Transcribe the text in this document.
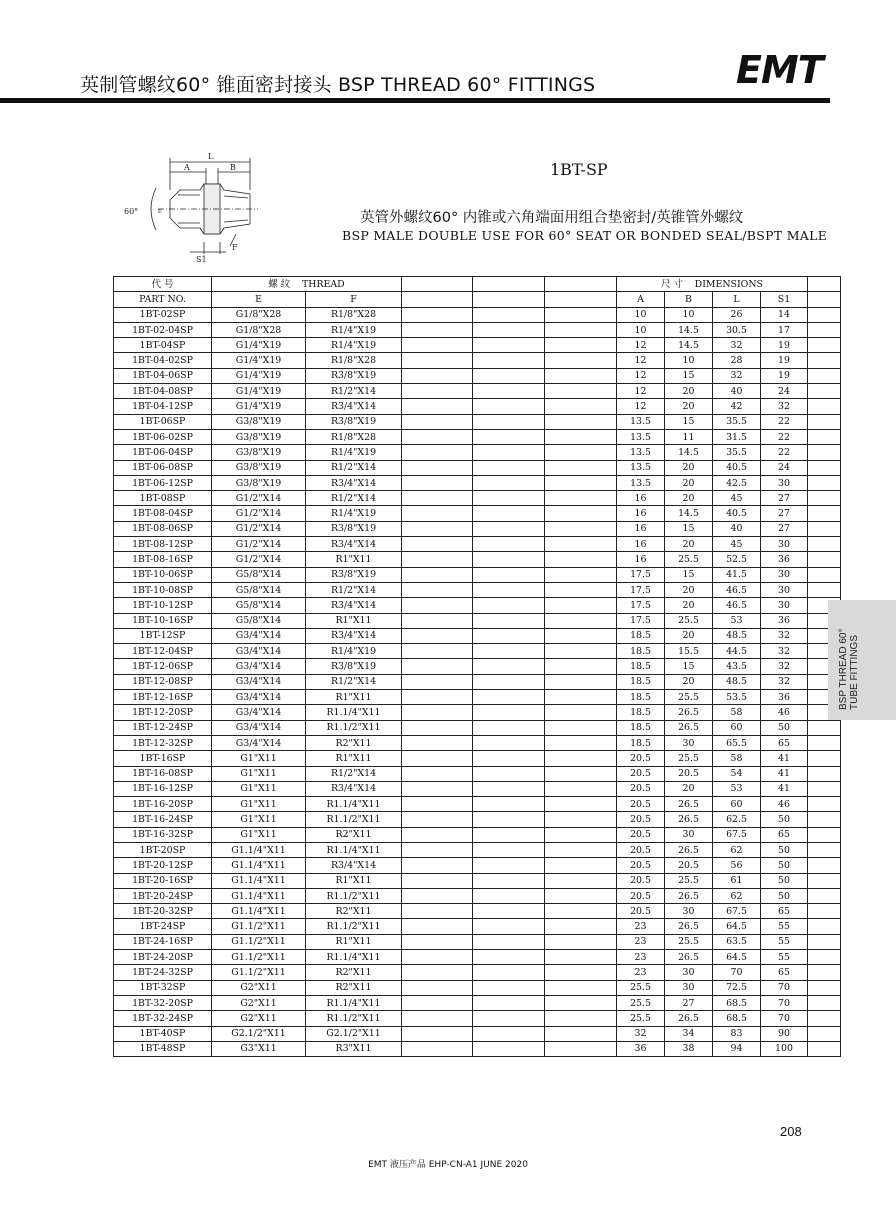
英制管螺纹60° 锥面密封接头 BSP THREAD 60° FITTINGS	EMT
L
A	B
60°	E
F
S1
1BT-SP
英管外螺纹60° 内锥或六角端面用组合垫密封/英锥管外螺纹
BSP MALE DOUBLE USE FOR 60° SEAT OR BONDED SEAL/BSPT MALE
代 号	螺 纹 THREAD					尺 寸 DIMENSIONS				
PART NO.	E	F				A	B	L	S1	
1BT-02SP	G1/8"X28	R1/8"X28				10	10	26	14	
1BT-02-04SP	G1/8"X28	R1/4"X19				10	14.5	30.5	17	
1BT-04SP	G1/4"X19	R1/4"X19				12	14.5	32	19	
1BT-04-02SP	G1/4"X19	R1/8"X28				12	10	28	19	
1BT-04-06SP	G1/4"X19	R3/8"X19				12	15	32	19	
1BT-04-08SP	G1/4"X19	R1/2"X14				12	20	40	24	
1BT-04-12SP	G1/4"X19	R3/4"X14				12	20	42	32	
1BT-06SP	G3/8"X19	R3/8"X19				13.5	15	35.5	22	
1BT-06-02SP	G3/8"X19	R1/8"X28				13.5	11	31.5	22	
1BT-06-04SP	G3/8"X19	R1/4"X19				13.5	14.5	35.5	22	
1BT-06-08SP	G3/8"X19	R1/2"X14				13.5	20	40.5	24	
1BT-06-12SP	G3/8"X19	R3/4"X14				13.5	20	42.5	30	
1BT-08SP	G1/2"X14	R1/2"X14				16	20	45	27	
1BT-08-04SP	G1/2"X14	R1/4"X19				16	14.5	40.5	27	
1BT-08-06SP	G1/2"X14	R3/8"X19				16	15	40	27	
1BT-08-12SP	G1/2"X14	R3/4"X14				16	20	45	30	
1BT-08-16SP	G1/2"X14	R1"X11				16	25.5	52.5	36	
1BT-10-06SP	G5/8"X14	R3/8"X19				17.5	15	41.5	30	
1BT-10-08SP	G5/8"X14	R1/2"X14				17.5	20	46.5	30	
1BT-10-12SP	G5/8"X14	R3/4"X14				17.5	20	46.5	30	
1BT-10-16SP	G5/8"X14	R1"X11				17.5	25.5	53	36	
1BT-12SP	G3/4"X14	R3/4"X14				18.5	20	48.5	32	
1BT-12-04SP	G3/4"X14	R1/4"X19				18.5	15.5	44.5	32	
1BT-12-06SP	G3/4"X14	R3/8"X19				18.5	15	43.5	32	
1BT-12-08SP	G3/4"X14	R1/2"X14				18.5	20	48.5	32	
1BT-12-16SP	G3/4"X14	R1"X11				18.5	25.5	53.5	36	
1BT-12-20SP	G3/4"X14	R1.1/4"X11				18.5	26.5	58	46	
1BT-12-24SP	G3/4"X14	R1.1/2"X11				18.5	26.5	60	50	
1BT-12-32SP	G3/4"X14	R2"X11				18.5	30	65.5	65	
1BT-16SP	G1"X11	R1"X11				20.5	25.5	58	41	
1BT-16-08SP	G1"X11	R1/2"X14				20.5	20.5	54	41	
1BT-16-12SP	G1"X11	R3/4"X14				20.5	20	53	41	
1BT-16-20SP	G1"X11	R1.1/4"X11				20.5	26.5	60	46	
1BT-16-24SP	G1"X11	R1.1/2"X11				20.5	26.5	62.5	50	
1BT-16-32SP	G1"X11	R2"X11				20.5	30	67.5	65	
1BT-20SP	G1.1/4"X11	R1.1/4"X11				20.5	26.5	62	50	
1BT-20-12SP	G1.1/4"X11	R3/4"X14				20.5	20.5	56	50	
1BT-20-16SP	G1.1/4"X11	R1"X11				20.5	25.5	61	50	
1BT-20-24SP	G1.1/4"X11	R1.1/2"X11				20.5	26.5	62	50	
1BT-20-32SP	G1.1/4"X11	R2"X11				20.5	30	67.5	65	
1BT-24SP	G1.1/2"X11	R1.1/2"X11				23	26.5	64.5	55	
1BT-24-16SP	G1.1/2"X11	R1"X11				23	25.5	63.5	55	
1BT-24-20SP	G1.1/2"X11	R1.1/4"X11				23	26.5	64.5	55	
1BT-24-32SP	G1.1/2"X11	R2"X11				23	30	70	65	
1BT-32SP	G2"X11	R2"X11				25.5	30	72.5	70	
1BT-32-20SP	G2"X11	R1.1/4"X11				25.5	27	68.5	70	
1BT-32-24SP	G2"X11	R1.1/2"X11				25.5	26.5	68.5	70	
1BT-40SP	G2.1/2"X11	G2.1/2"X11				32	34	83	90	
1BT-48SP	G3"X11	R3"X11				36	38	94	100	
BSP THREAD 60°
TUBE FITTINGS
208
EMT 液压产品 EHP-CN-A1 JUNE 2020
